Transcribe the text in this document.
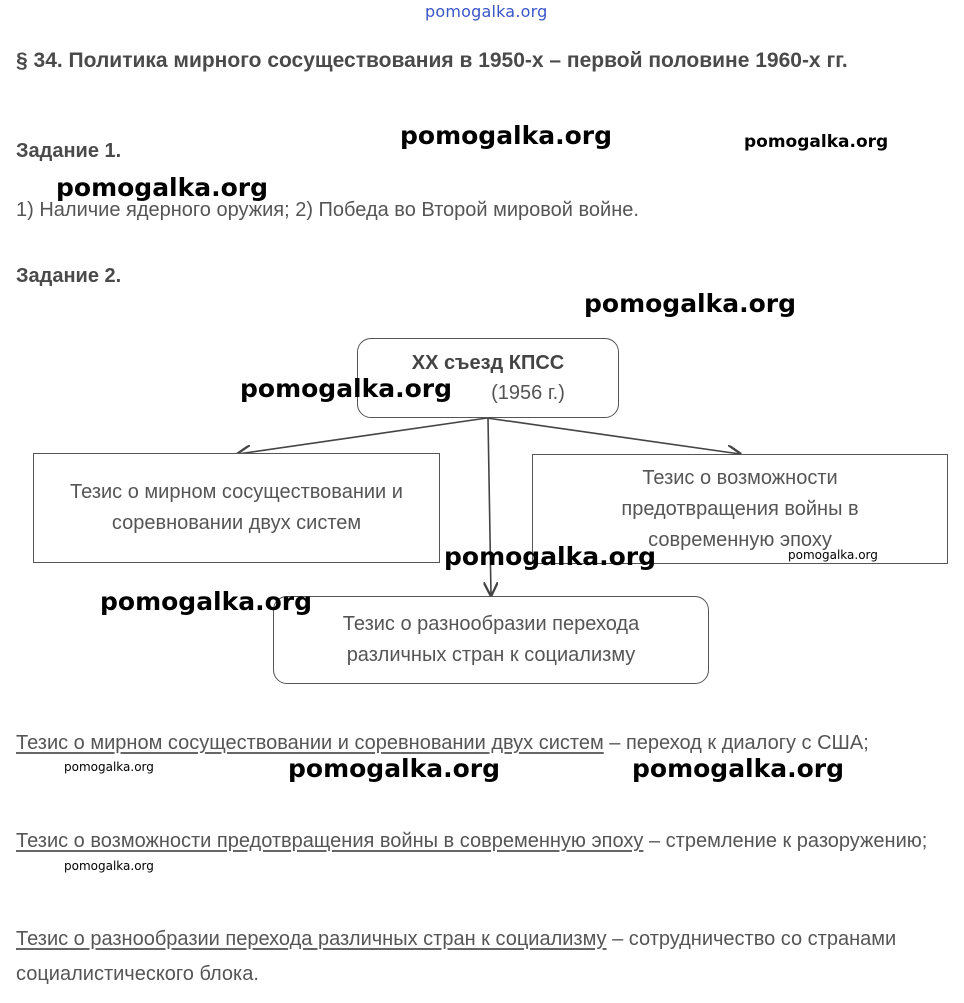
pomogalka.org
§ 34. Политика мирного сосуществования в 1950-х – первой половине 1960-х гг.
Задание 1.
1) Наличие ядерного оружия; 2) Победа во Второй мировой войне.
Задание 2.
XX съезд КПСС
(1956 г.)
Тезис о мирном сосуществовании и соревновании двух систем
Тезис о возможности предотвращения войны в современную эпоху
Тезис о разнообразии перехода различных стран к социализму
Тезис о мирном сосуществовании и соревновании двух систем – переход к диалогу с США;
Тезис о возможности предотвращения войны в современную эпоху – стремление к разоружению;
Тезис о разнообразии перехода различных стран к социализму – сотрудничество со странами социалистического блока.
pomogalka.org	pomogalka.org
pomogalka.org
pomogalka.org
pomogalka.org
pomogalka.org	pomogalka.org
pomogalka.org
pomogalka.org	pomogalka.org	pomogalka.org
pomogalka.org
